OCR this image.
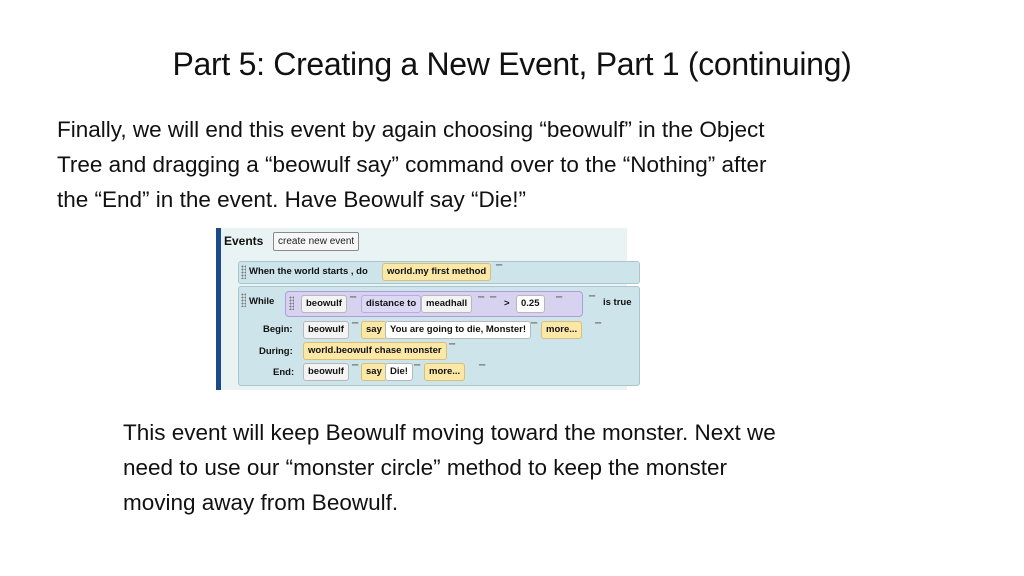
Part 5: Creating a New Event, Part 1 (continuing)

Finally, we will end this event by again choosing “beowulf” in the Object
Tree and dragging a “beowulf say” command over to the “Nothing” after
the “End” in the event. Have Beowulf say “Die!”

Events	create new event
When the world starts , do	world.my first method	▔
While	beowulf	▔	distance to	meadhall	▔ ▔ >	0.25	▔	▔ is true
Begin:	beowulf	▔ say You are going to die, Monster! ▔ more...	▔
During:	world.beowulf chase monster ▔
End:	beowulf	▔ say Die! ▔ more...	▔

This event will keep Beowulf moving toward the monster. Next we
need to use our “monster circle” method to keep the monster
moving away from Beowulf.
